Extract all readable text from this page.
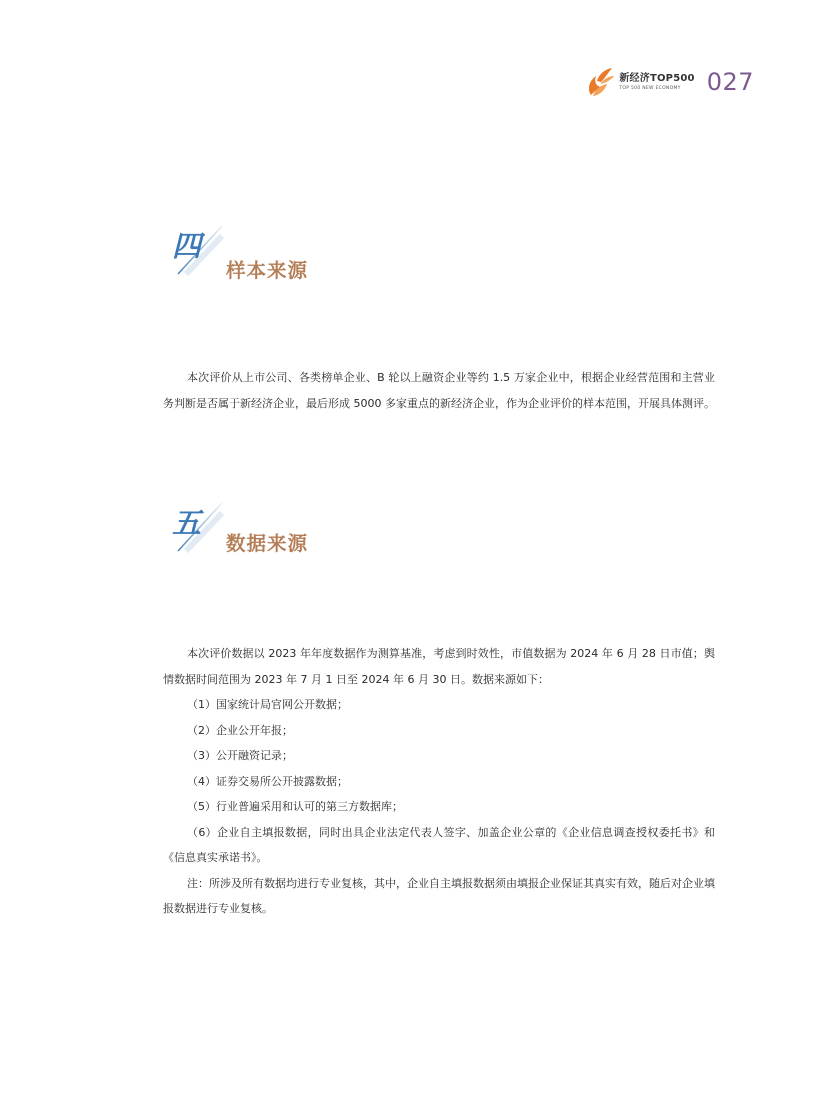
新经济TOP500
TOP 500 NEW ECONOMY	027
四
样本来源

本次评价从上市公司、各类榜单企业、B 轮以上融资企业等约 1.5 万家企业中，根据企业经营范围和主营业务判断是否属于新经济企业，最后形成 5000 多家重点的新经济企业，作为企业评价的样本范围，开展具体测评。

五
数据来源

本次评价数据以 2023 年年度数据作为测算基准，考虑到时效性，市值数据为 2024 年 6 月 28 日市值；舆情数据时间范围为 2023 年 7 月 1 日至 2024 年 6 月 30 日。数据来源如下：

（1）国家统计局官网公开数据；

（2）企业公开年报；

（3）公开融资记录；

（4）证券交易所公开披露数据；

（5）行业普遍采用和认可的第三方数据库；

（6）企业自主填报数据，同时出具企业法定代表人签字、加盖企业公章的《企业信息调查授权委托书》和《信息真实承诺书》。

注：所涉及所有数据均进行专业复核，其中，企业自主填报数据须由填报企业保证其真实有效，随后对企业填报数据进行专业复核。
